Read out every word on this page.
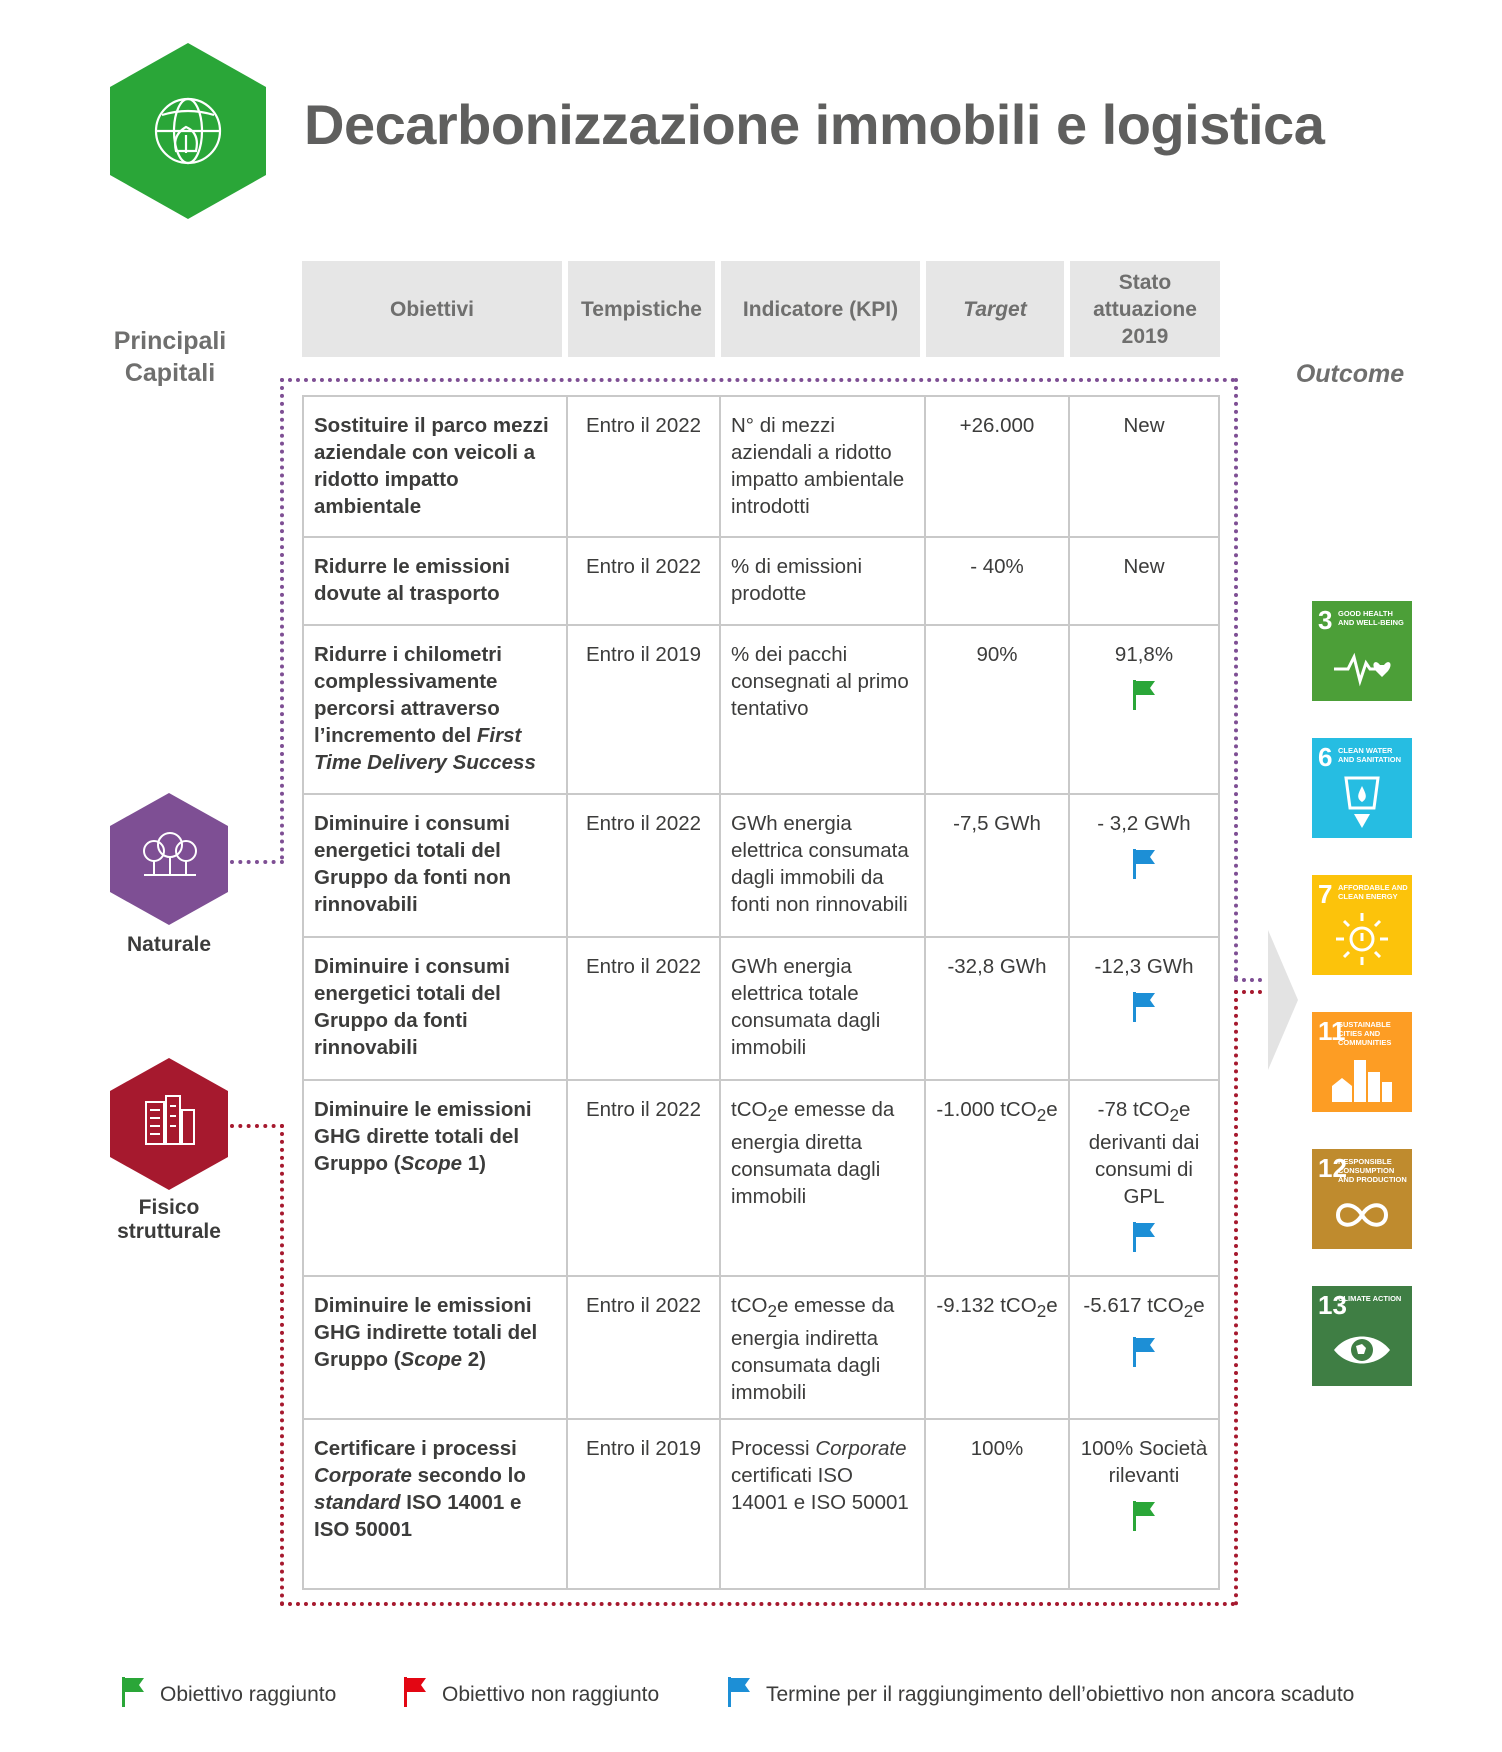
Decarbonizzazione immobili e logistica
Principali Capitali	Outcome
Naturale
Fisico strutturale
Obiettivi	Tempistiche	Indicatore (KPI)	Target	Stato attuazione 2019

Sostituire il parco mezzi aziendale con veicoli a ridotto impatto ambientale	Entro il 2022	N° di mezzi aziendali a ridotto impatto ambientale introdotti	+26.000	New
Ridurre le emissioni dovute al trasporto	Entro il 2022	% di emissioni prodotte	- 40%	New
Ridurre i chilometri complessivamente percorsi attraverso l’incremento del First Time Delivery Success	Entro il 2019	% dei pacchi consegnati al primo tentativo	90%	91,8%

Diminuire i consumi energetici totali del Gruppo da fonti non rinnovabili	Entro il 2022	GWh energia elettrica consumata dagli immobili da fonti non rinnovabili	-7,5 GWh	- 3,2 GWh

Diminuire i consumi energetici totali del Gruppo da fonti rinnovabili	Entro il 2022	GWh energia elettrica totale consumata dagli immobili	-32,8 GWh	-12,3 GWh

Diminuire le emissioni GHG dirette totali del Gruppo (Scope 1)	Entro il 2022	tCO$_2$e emesse da energia diretta consumata dagli immobili	-1.000 tCO$_2$e	-78 tCO$_2$e derivanti dai consumi di GPL

Diminuire le emissioni GHG indirette totali del Gruppo (Scope 2)	Entro il 2022	tCO$_2$e emesse da energia indiretta consumata dagli immobili	-9.132 tCO$_2$e	-5.617 tCO$_2$e

Certificare i processi Corporate secondo lo standard ISO 14001 e ISO 50001	Entro il 2019	Processi Corporate certificati ISO 14001 e ISO 50001	100%	100% Società rilevanti
3 GOOD HEALTH AND WELL-BEING
6 CLEAN WATER AND SANITATION
7 AFFORDABLE AND CLEAN ENERGY
11
SUSTAINABLE CITIES AND COMMUNITIES
12
RESPONSIBLE CONSUMPTION AND PRODUCTION
13
CLIMATE ACTION
Obiettivo raggiunto	Obiettivo non raggiunto	Termine per il raggiungimento dell’obiettivo non ancora scaduto
